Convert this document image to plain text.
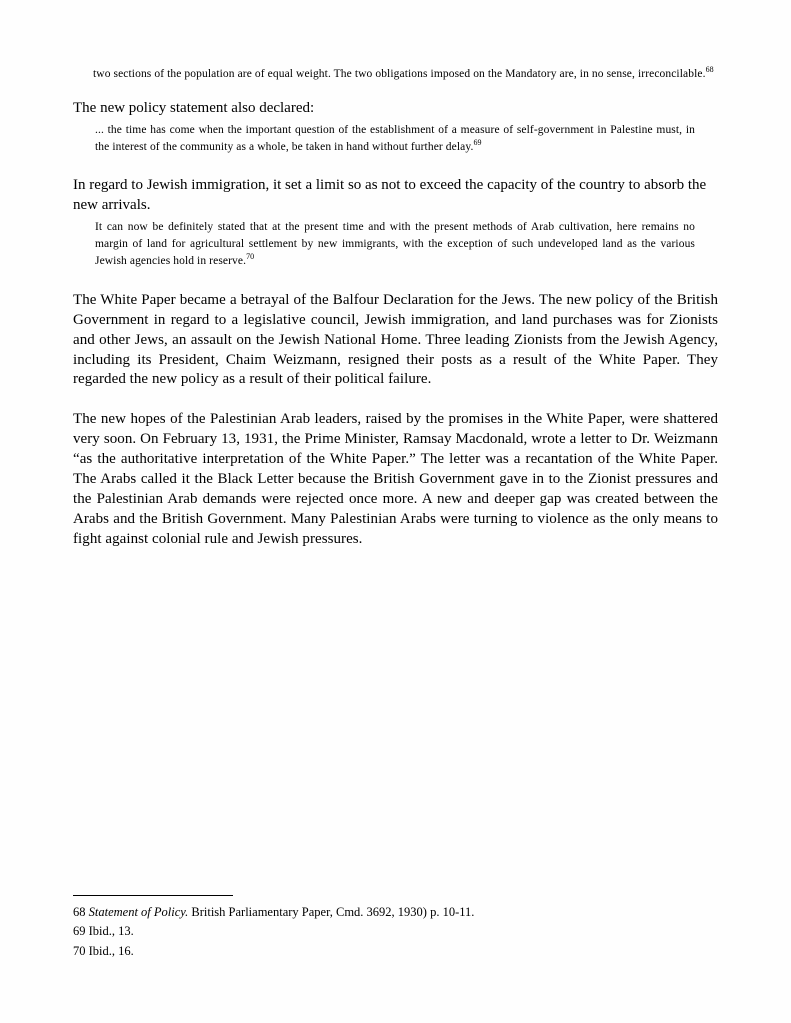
two sections of the population are of equal weight. The two obligations imposed on the Mandatory are, in no sense, irreconcilable.$^{68}$

The new policy statement also declared:

... the time has come when the important question of the establishment of a measure of self-government in Palestine must, in the interest of the community as a whole, be taken in hand without further delay.$^{69}$

In regard to Jewish immigration, it set a limit so as not to exceed the capacity of the country to absorb the new arrivals.

It can now be definitely stated that at the present time and with the present methods of Arab cultivation, here remains no margin of land for agricultural settlement by new immigrants, with the exception of such undeveloped land as the various Jewish agencies hold in reserve.$^{70}$

The White Paper became a betrayal of the Balfour Declaration for the Jews. The new policy of the British Government in regard to a legislative council, Jewish immigration, and land purchases was for Zionists and other Jews, an assault on the Jewish National Home. Three leading Zionists from the Jewish Agency, including its President, Chaim Weizmann, resigned their posts as a result of the White Paper. They regarded the new policy as a result of their political failure.

The new hopes of the Palestinian Arab leaders, raised by the promises in the White Paper, were shattered very soon. On February 13, 1931, the Prime Minister, Ramsay Macdonald, wrote a letter to Dr. Weizmann “as the authoritative interpretation of the White Paper.” The letter was a recantation of the White Paper. The Arabs called it the Black Letter because the British Government gave in to the Zionist pressures and the Palestinian Arab demands were rejected once more. A new and deeper gap was created between the Arabs and the British Government. Many Palestinian Arabs were turning to violence as the only means to fight against colonial rule and Jewish pressures.

68 Statement of Policy. British Parliamentary Paper, Cmd. 3692, 1930) p. 10-11.

69 Ibid., 13.

70 Ibid., 16.
